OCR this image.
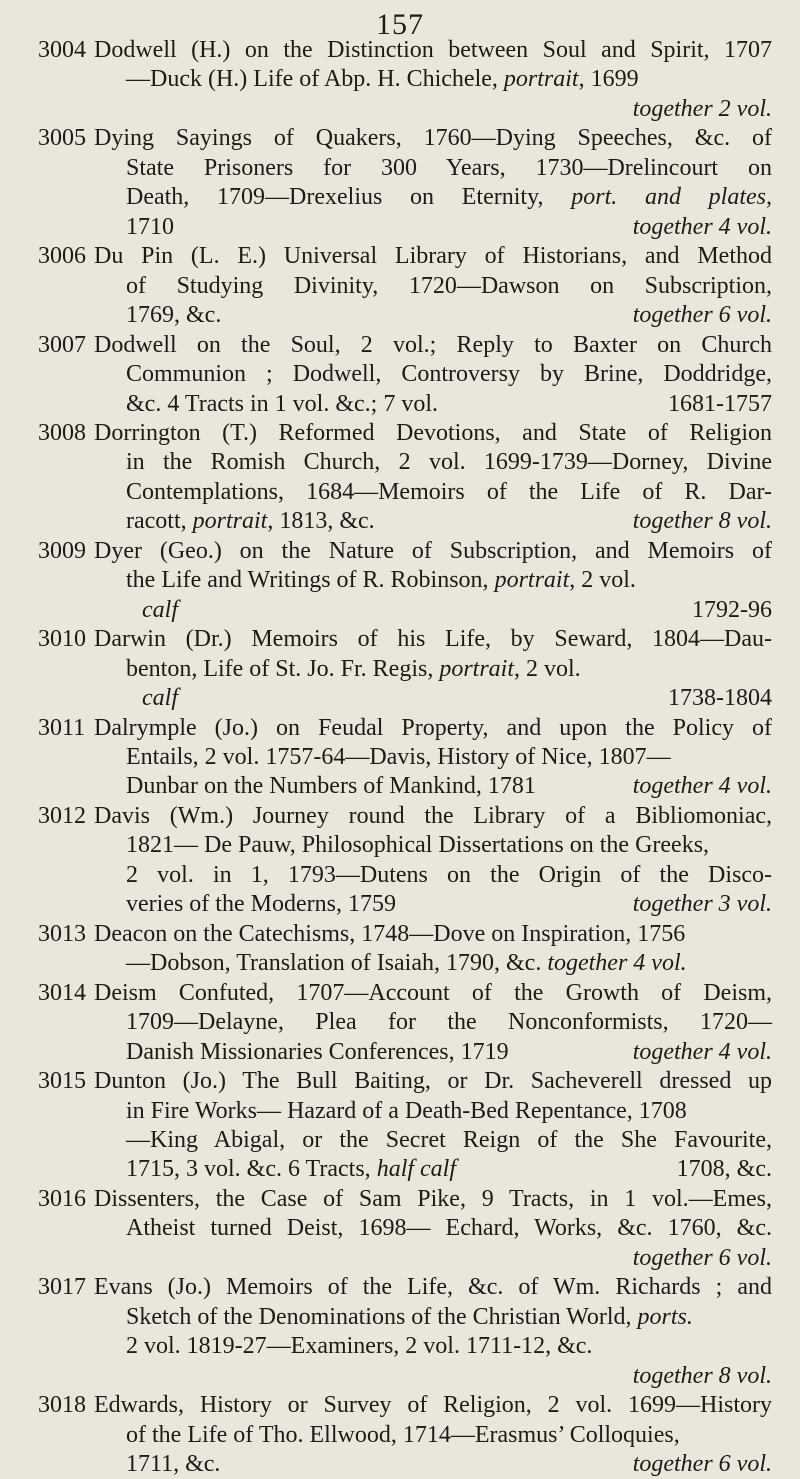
157
3004 Dodwell (H.) on the Distinction between Soul and Spirit, 1707
—Duck (H.) Life of Abp. H. Chichele, portrait, 1699
together 2 vol.
3005 Dying Sayings of Quakers, 1760—Dying Speeches, &c. of
State Prisoners for 300 Years, 1730—Drelincourt on
Death, 1709—Drexelius on Eternity, port. and plates,
1710	together 4 vol.
3006 Du Pin (L. E.) Universal Library of Historians, and Method
of Studying Divinity, 1720—Dawson on Subscription,
1769, &c.	together 6 vol.
3007 Dodwell on the Soul, 2 vol.; Reply to Baxter on Church
Communion ; Dodwell, Controversy by Brine, Doddridge,
&c. 4 Tracts in 1 vol. &c.; 7 vol.	1681-1757
3008 Dorrington (T.) Reformed Devotions, and State of Religion
in the Romish Church, 2 vol. 1699-1739—Dorney, Divine
Contemplations, 1684—Memoirs of the Life of R. Dar-
racott, portrait, 1813, &c.	together 8 vol.
3009 Dyer (Geo.) on the Nature of Subscription, and Memoirs of
the Life and Writings of R. Robinson, portrait, 2 vol.
calf	1792-96
3010 Darwin (Dr.) Memoirs of his Life, by Seward, 1804—Dau-
benton, Life of St. Jo. Fr. Regis, portrait, 2 vol.
calf	1738-1804
3011 Dalrymple (Jo.) on Feudal Property, and upon the Policy of
Entails, 2 vol. 1757-64—Davis, History of Nice, 1807—
Dunbar on the Numbers of Mankind, 1781	together 4 vol.
3012 Davis (Wm.) Journey round the Library of a Bibliomoniac,
1821— De Pauw, Philosophical Dissertations on the Greeks,
2 vol. in 1, 1793—Dutens on the Origin of the Disco-
veries of the Moderns, 1759	together 3 vol.
3013 Deacon on the Catechisms, 1748—Dove on Inspiration, 1756
—Dobson, Translation of Isaiah, 1790, &c. together 4 vol.
3014 Deism Confuted, 1707—Account of the Growth of Deism,
1709—Delayne, Plea for the Nonconformists, 1720—
Danish Missionaries Conferences, 1719	together 4 vol.
3015 Dunton (Jo.) The Bull Baiting, or Dr. Sacheverell dressed up
in Fire Works— Hazard of a Death-Bed Repentance, 1708
—King Abigal, or the Secret Reign of the She Favourite,
1715, 3 vol. &c. 6 Tracts, half calf	1708, &c.
3016 Dissenters, the Case of Sam Pike, 9 Tracts, in 1 vol.—Emes,
Atheist turned Deist, 1698— Echard, Works, &c. 1760, &c.
together 6 vol.
3017 Evans (Jo.) Memoirs of the Life, &c. of Wm. Richards ; and
Sketch of the Denominations of the Christian World, ports.
2 vol. 1819-27—Examiners, 2 vol. 1711-12, &c.
together 8 vol.
3018 Edwards, History or Survey of Religion, 2 vol. 1699—History
of the Life of Tho. Ellwood, 1714—Erasmus’ Colloquies,
1711, &c.	together 6 vol.
